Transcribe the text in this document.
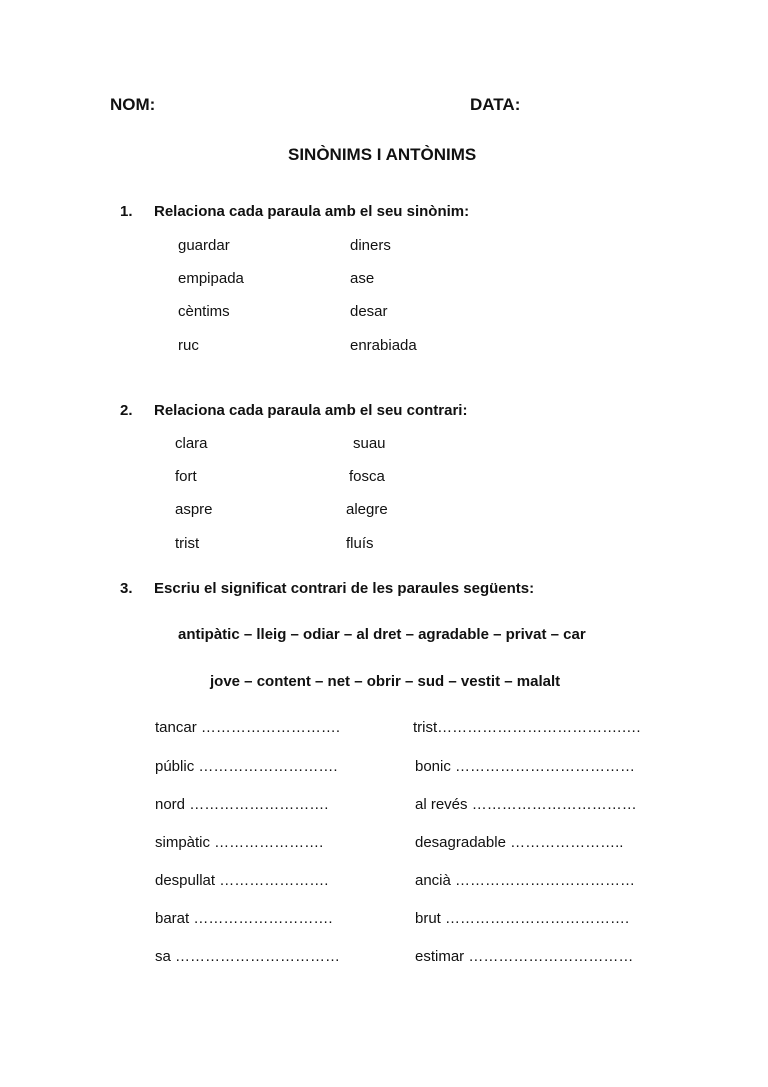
NOM:	DATA:
SINÒNIMS I ANTÒNIMS
1. Relaciona cada paraula amb el seu sinònim:
guardar
empipada
cèntims
ruc
diners
ase
desar
enrabiada
2. Relaciona cada paraula amb el seu contrari:
clara
fort
aspre
trist
suau
fosca
alegre
fluís
3. Escriu el significat contrari de les paraules següents:
antipàtic – lleig – odiar – al dret – agradable – privat – car
jove – content – net – obrir – sud – vestit – malalt
tancar ……………………….
públic ……………………….
nord ……………………….
simpàtic ………………….
despullat ………………….
barat ……………………….
sa ……………………………
trist……………………………….….
bonic ………………………………
al revés ……………………………
desagradable …………………..
ancià ………………………………
brut ……………………………….
estimar ……………………………
